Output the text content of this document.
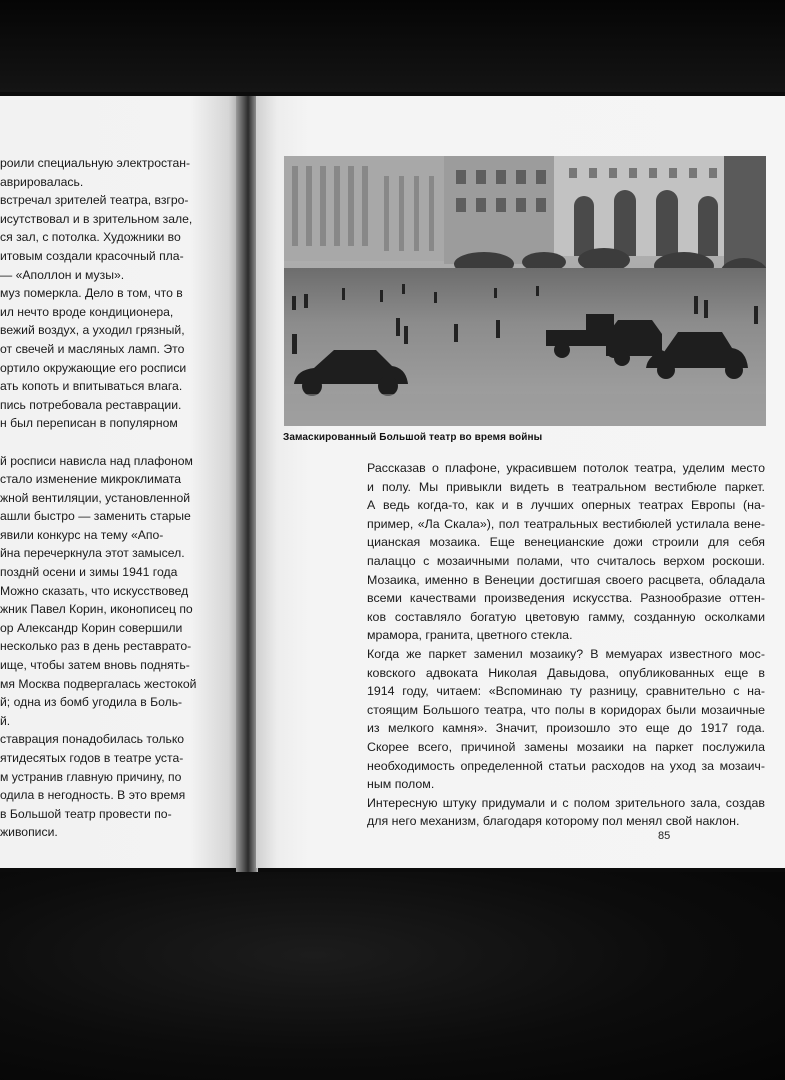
роили специальную электростан-
аврировалась.
встречал зрителей театра, взгро-
исутствовал и в зрительном зале,
ся зал, с потолка. Художники во
итовым создали красочный пла-
— «Аполлон и музы».
муз померкла. Дело в том, что в
ил нечто вроде кондиционера,
вежий воздух, а уходил грязный,
от свечей и масляных ламп. Это
ортило окружающие его росписи
ать копоть и впитываться влага.
пись потребовала реставрации.
н был переписан в популярном
й росписи нависла над плафоном
стало изменение микроклимата
жной вентиляции, установленной
ашли быстро — заменить старые
явили конкурс на тему «Апо-
йна перечеркнула этот замысел.
позднй осени и зимы 1941 года
Можно сказать, что искусствовед
жник Павел Корин, иконописец по
ор Александр Корин совершили
несколько раз в день реставрато-
ище, чтобы затем вновь поднять-
мя Москва подвергалась жестокой
й; одна из бомб угодила в Боль-
й.
ставрация понадобилась только
ятидесятых годов в театре уста-
м устранив главную причину, по
одила в негодность. В это время
в Большой театр провести по-
живописи.
Замаскированный Большой театр во время войны
Рассказав о плафоне, украсившем потолок театра, уделим место
и полу. Мы привыкли видеть в театральном вестибюле паркет.
А ведь когда-то, как и в лучших оперных театрах Европы (на-
пример, «Ла Скала»), пол театральных вестибюлей устилала вене-
цианская мозаика. Еще венецианские дожи строили для себя
палаццо с мозаичными полами, что считалось верхом роскоши.
Мозаика, именно в Венеции достигшая своего расцвета, обладала
всеми качествами произведения искусства. Разнообразие оттен-
ков составляло богатую цветовую гамму, созданную осколками
мрамора, гранита, цветного стекла.
Когда же паркет заменил мозаику? В мемуарах известного мос-
ковского адвоката Николая Давыдова, опубликованных еще в
1914 году, читаем: «Вспоминаю ту разницу, сравнительно с на-
стоящим Большого театра, что полы в коридорах были мозаичные
из мелкого камня». Значит, произошло это еще до 1917 года.
Скорее всего, причиной замены мозаики на паркет послужила
необходимость определенной статьи расходов на уход за мозаич-
ным полом.
Интересную штуку придумали и с полом зрительного зала, создав
для него механизм, благодаря которому пол менял свой наклон.
85
